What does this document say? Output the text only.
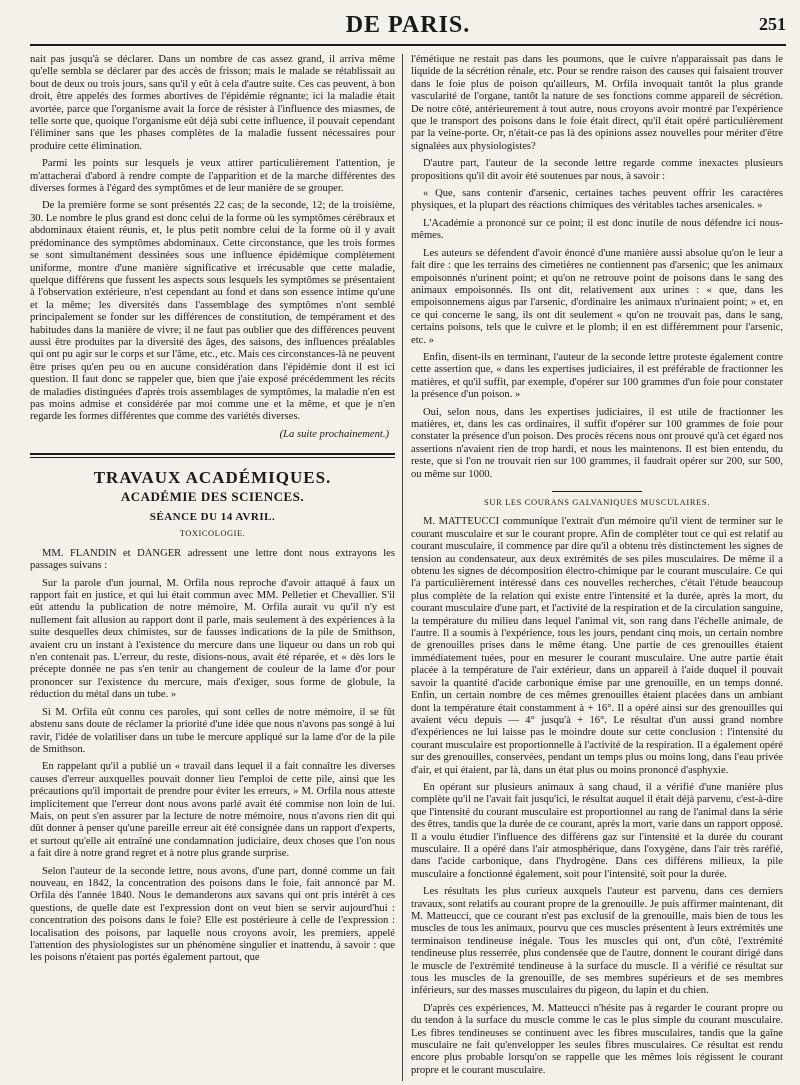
DE PARIS.	251

nait pas jusqu'à se déclarer. Dans un nombre de cas assez grand, il arriva même qu'elle sembla se déclarer par des accès de frisson; mais le malade se rétablissait au bout de deux ou trois jours, sans qu'il y eût à cela d'autre suite. Ces cas peuvent, à bon droit, être appelés des formes abortives de l'épidémie régnante; ici la maladie était avortée, parce que l'organisme avait la force de résister à l'influence des miasmes, de telle sorte que, quoique l'organisme eût déjà subi cette influence, il pouvait cependant l'éliminer sans que les phases complètes de la maladie fussent nécessaires pour produire cette élimination.

Parmi les points sur lesquels je veux attirer particulièrement l'attention, je m'attacherai d'abord à rendre compte de l'apparition et de la marche différentes des diverses formes à l'égard des symptômes et de leur manière de se grouper.

De la première forme se sont présentés 22 cas; de la seconde, 12; de la troisième, 30. Le nombre le plus grand est donc celui de la forme où les symptômes cérébraux et abdominaux étaient réunis, et, le plus petit nombre celui de la forme où il y avait prédominance des symptômes abdominaux. Cette circonstance, que les trois formes se sont simultanément dessinées sous une influence épidémique complètement uniforme, montre d'une manière significative et irrécusable que cette maladie, quelque différens que fussent les aspects sous lesquels les symptômes se présentaient à l'observation extérieure, n'est cependant au fond et dans son essence intime qu'une et la même; les diversités dans l'assemblage des symptômes n'ont semblé principalement se fonder sur les différences de constitution, de tempérament et des habitudes dans la manière de vivre; il ne faut pas oublier que des différences peuvent aussi être produites par la diversité des âges, des saisons, des influences préalables qui ont pu agir sur le corps et sur l'âme, etc., etc. Mais ces circonstances-là ne peuvent être prises qu'en peu ou en aucune considération dans l'épidémie dont il est ici question. Il faut donc se rappeler que, bien que j'aie exposé précédemment les récits de maladies distinguées d'après trois assemblages de symptômes, la maladie n'en est pas moins admise et considérée par moi comme une et la même, et que je n'en regarde les formes différentes que comme des variétés diverses.

(La suite prochainement.)
TRAVAUX ACADÉMIQUES.
ACADÉMIE DES SCIENCES.
SÉANCE DU 14 AVRIL.
TOXICOLOGIE.

MM. FLANDIN et DANGER adressent une lettre dont nous extrayons les passages suivans :

Sur la parole d'un journal, M. Orfila nous reproche d'avoir attaqué à faux un rapport fait en justice, et qui lui était commun avec MM. Pelletier et Chevallier. S'il eût attendu la publication de notre mémoire, M. Orfila aurait vu qu'il n'y est nullement fait allusion au rapport dont il parle, mais seulement à des expériences à la suite desquelles deux chimistes, sur de fausses indications de la pile de Smithson, avaient cru un instant à l'existence du mercure dans une liqueur ou dans un rob qui n'en contenait pas. L'erreur, du reste, disions-nous, avait été réparée, et « dès lors le précepte donnée ne pas s'en tenir au changement de couleur de la lame d'or pour prononcer sur l'existence du mercure, mais d'exiger, sous forme de globule, la réduction du métal dans un tube. »

Si M. Orfila eût connu ces paroles, qui sont celles de notre mémoire, il se fût abstenu sans doute de réclamer la priorité d'une idée que nous n'avons pas songé à lui ravir, l'idée de volatiliser dans un tube le mercure appliqué sur la lame d'or de la pile de Smithson.

En rappelant qu'il a publié un « travail dans lequel il a fait connaître les diverses causes d'erreur auxquelles pouvait donner lieu l'emploi de cette pile, ainsi que les précautions qu'il importait de prendre pour éviter les erreurs, » M. Orfila nous atteste implicitement que l'erreur dont nous avons parlé avait été commise non loin de lui. Mais, on peut s'en assurer par la lecture de notre mémoire, nous n'avons rien dit qui dût donner à penser qu'une pareille erreur ait été consignée dans un rapport d'experts, et surtout qu'elle ait entraîné une condamnation judiciaire, deux choses que l'on nous a fait dire à notre grand regret et à notre plus grande surprise.

Selon l'auteur de la seconde lettre, nous avons, d'une part, donné comme un fait nouveau, en 1842, la concentration des poisons dans le foie, fait annoncé par M. Orfila dès l'année 1840. Nous le demanderons aux savans qui ont pris intérêt à ces questions, de quelle date est l'expression dont on veut bien se servir aujourd'hui : concentration des poisons dans le foie? Elle est postérieure à celle de l'expression : localisation des poisons, par laquelle nous croyons avoir, les premiers, appelé l'attention des physiologistes sur un phénomène singulier et inattendu, à savoir : que les poisons n'étaient pas portés également partout, que

l'émétique ne restait pas dans les poumons, que le cuivre n'apparaissait pas dans le liquide de la sécrétion rénale, etc. Pour se rendre raison des causes qui faisaient trouver dans le foie plus de poison qu'ailleurs, M. Orfila invoquait tantôt la plus grande vascularité de l'organe, tantôt la nature de ses fonctions comme appareil de sécrétion. De notre côté, antérieurement à tout autre, nous croyons avoir montré par l'expérience que le transport des poisons dans le foie était direct, qu'il était opéré particulièrement par la veine-porte. Or, n'était-ce pas là des opinions assez nouvelles pour mériter d'être signalées aux physiologistes?

D'autre part, l'auteur de la seconde lettre regarde comme inexactes plusieurs propositions qu'il dit avoir été soutenues par nous, à savoir :

« Que, sans contenir d'arsenic, certaines taches peuvent offrir les caractères physiques, et la plupart des réactions chimiques des véritables taches arsenicales. »

L'Académie a prononcé sur ce point; il est donc inutile de nous défendre ici nous-mêmes.

Les auteurs se défendent d'avoir énoncé d'une manière aussi absolue qu'on le leur a fait dire : que les terrains des cimetières ne contiennent pas d'arsenic; que les animaux empoisonnés n'urinent point; et qu'on ne retrouve point de poisons dans le sang des animaux empoisonnés. Ils ont dit, relativement aux urines : « que, dans les empoisonnemens aigus par l'arsenic, d'ordinaire les animaux n'urinaient point; » et, en ce qui concerne le sang, ils ont dit seulement « qu'on ne trouvait pas, dans le sang, certains poisons, tels que le cuivre et le plomb; il en est différemment pour l'arsenic, etc. »

Enfin, disent-ils en terminant, l'auteur de la seconde lettre proteste également contre cette assertion que, « dans les expertises judiciaires, il est préférable de fractionner les matières, et qu'il suffit, par exemple, d'opérer sur 100 grammes d'un foie pour constater la présence d'un poison. »

Oui, selon nous, dans les expertises judiciaires, il est utile de fractionner les matières, et, dans les cas ordinaires, il suffit d'opérer sur 100 grammes de foie pour constater la présence d'un poison. Des procès récens nous ont prouvé qu'à cet égard nos assertions n'avaient rien de trop hardi, et nous les maintenons. Il est bien entendu, du reste, que si l'on ne trouvait rien sur 100 grammes, il faudrait opérer sur 200, sur 500, ou même sur 1000.

SUR LES COURANS GALVANIQUES MUSCULAIRES.

M. MATTEUCCI communique l'extrait d'un mémoire qu'il vient de terminer sur le courant musculaire et sur le courant propre. Afin de compléter tout ce qui est relatif au courant musculaire, il commence par dire qu'il a obtenu très distinctement les signes de tension au condensateur, aux deux extrémités de ses piles musculaires. De même il a obtenu les signes de décomposition électro-chimique par le courant musculaire. Ce qui l'a particulièrement intéressé dans ces nouvelles recherches, c'était l'étude beaucoup plus complète de la relation qui existe entre l'intensité et la durée, après la mort, du courant musculaire d'une part, et l'activité de la respiration et de la circulation sanguine, la température du milieu dans lequel l'animal vit, son rang dans l'échelle animale, de l'autre. Il a soumis à l'expérience, tous les jours, pendant cinq mois, un certain nombre de grenouilles prises dans le même étang. Une partie de ces grenouilles étaient immédiatement tuées, pour en mesurer le courant musculaire. Une autre partie était placée à la température de l'air extérieur, dans un appareil à l'aide duquel il pouvait savoir la quantité d'acide carbonique émise par une grenouille, en un temps donné. Enfin, un certain nombre de ces mêmes grenouilles étaient placées dans un ambiant dont la température était constamment à + 16°. Il a opéré ainsi sur des grenouilles qui avaient vécu depuis — 4° jusqu'à + 16°. Le résultat d'un aussi grand nombre d'expériences ne lui laisse pas le moindre doute sur cette conclusion : l'intensité du courant musculaire est proportionnelle à l'activité de la respiration. Il a également opéré sur des grenouilles, conservées, pendant un temps plus ou moins long, dans l'eau privée d'air, et qui étaient, par là, dans un état plus ou moins prononcé d'asphyxie.

En opérant sur plusieurs animaux à sang chaud, il a vérifié d'une manière plus complète qu'il ne l'avait fait jusqu'ici, le résultat auquel il était déjà parvenu, c'est-à-dire que l'intensité du courant musculaire est proportionnel au rang de l'animal dans la série des êtres, tandis que la durée de ce courant, après la mort, varie dans un rapport opposé. Il a voulu étudier l'influence des différens gaz sur l'intensité et la durée du courant musculaire. Il a opéré dans l'air atmosphérique, dans l'oxygène, dans l'air très raréfié, dans l'acide carbonique, dans l'hydrogène. Dans ces différens milieux, la pile musculaire a fonctionné également, soit pour l'intensité, soit pour la durée.

Les résultats les plus curieux auxquels l'auteur est parvenu, dans ces derniers travaux, sont relatifs au courant propre de la grenouille. Je puis affirmer maintenant, dit M. Matteucci, que ce courant n'est pas exclusif de la grenouille, mais bien de tous les muscles de tous les animaux, pourvu que ces muscles présentent à leurs extrémités une terminaison tendineuse inégale. Tous les muscles qui ont, d'un côté, l'extrémité tendineuse plus resserrée, plus condensée que de l'autre, donnent le courant dirigé dans le muscle de l'extrémité tendineuse à la surface du muscle. Il a vérifié ce résultat sur tous les muscles de la grenouille, de ses membres supérieurs et de ses membres inférieurs, sur des masses musculaires du pigeon, du lapin et du chien.

D'après ces expériences, M. Matteucci n'hésite pas à regarder le courant propre ou du tendon à la surface du muscle comme le cas le plus simple du courant musculaire. Les fibres tendineuses se continuent avec les fibres musculaires, tandis que la gaîne musculaire ne fait qu'envelopper les seules fibres musculaires. Ce résultat est rendu encore plus probable lorsqu'on se rappelle que les mêmes lois régissent le courant propre et le courant musculaire.
